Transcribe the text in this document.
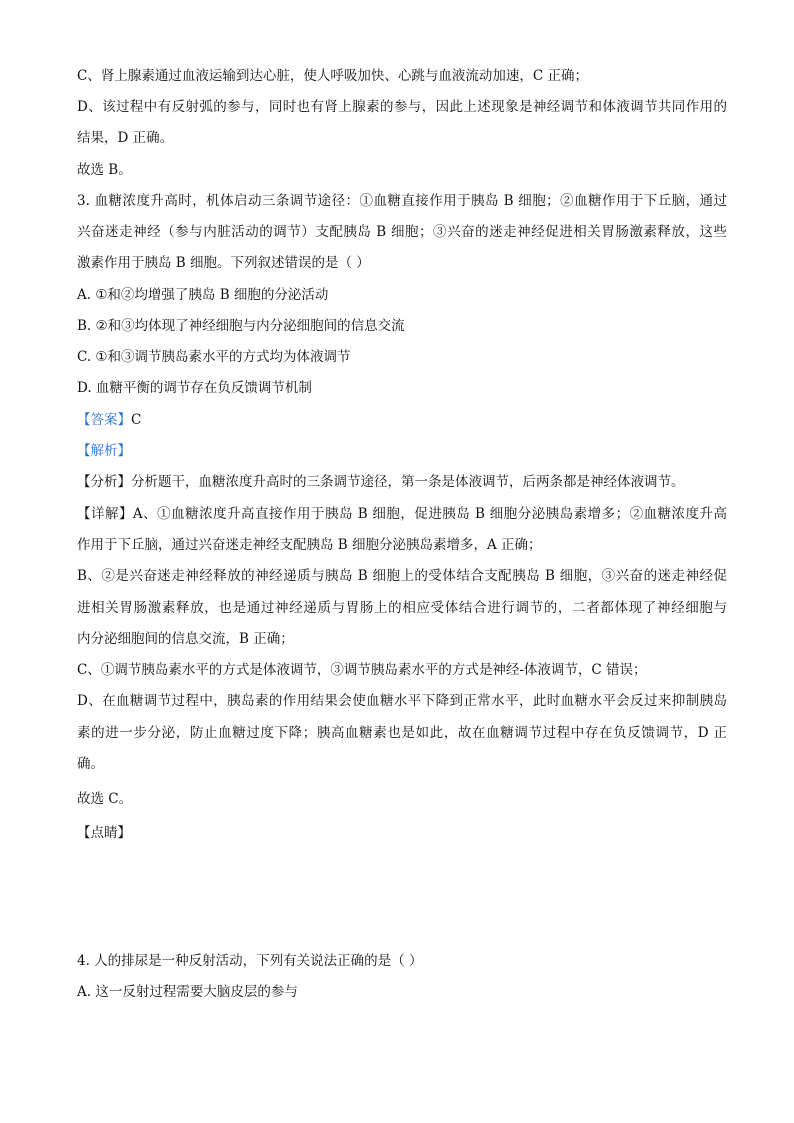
C、肾上腺素通过血液运输到达心脏，使人呼吸加快、心跳与血液流动加速，C 正确；
D、该过程中有反射弧的参与，同时也有肾上腺素的参与，因此上述现象是神经调节和体液调节共同作用的
结果，D 正确。
故选 B。
3. 血糖浓度升高时，机体启动三条调节途径：①血糖直接作用于胰岛 B 细胞；②血糖作用于下丘脑，通过
兴奋迷走神经（参与内脏活动的调节）支配胰岛 B 细胞；③兴奋的迷走神经促进相关胃肠激素释放，这些
激素作用于胰岛 B 细胞。下列叙述错误的是（ ）
A. ①和②均增强了胰岛 B 细胞的分泌活动
B. ②和③均体现了神经细胞与内分泌细胞间的信息交流
C. ①和③调节胰岛素水平的方式均为体液调节
D. 血糖平衡的调节存在负反馈调节机制
【答案】C
【解析】
【分析】分析题干，血糖浓度升高时的三条调节途径，第一条是体液调节，后两条都是神经体液调节。
【详解】A、①血糖浓度升高直接作用于胰岛 B 细胞，促进胰岛 B 细胞分泌胰岛素增多；②血糖浓度升高
作用于下丘脑，通过兴奋迷走神经支配胰岛 B 细胞分泌胰岛素增多，A 正确；
B、②是兴奋迷走神经释放的神经递质与胰岛 B 细胞上的受体结合支配胰岛 B 细胞，③兴奋的迷走神经促
进相关胃肠激素释放，也是通过神经递质与胃肠上的相应受体结合进行调节的，二者都体现了神经细胞与
内分泌细胞间的信息交流，B 正确；
C、①调节胰岛素水平的方式是体液调节，③调节胰岛素水平的方式是神经-体液调节，C 错误；
D、在血糖调节过程中，胰岛素的作用结果会使血糖水平下降到正常水平，此时血糖水平会反过来抑制胰岛
素的进一步分泌，防止血糖过度下降；胰高血糖素也是如此，故在血糖调节过程中存在负反馈调节，D 正
确。
故选 C。
【点睛】
4. 人的排尿是一种反射活动，下列有关说法正确的是（ ）
A. 这一反射过程需要大脑皮层的参与
